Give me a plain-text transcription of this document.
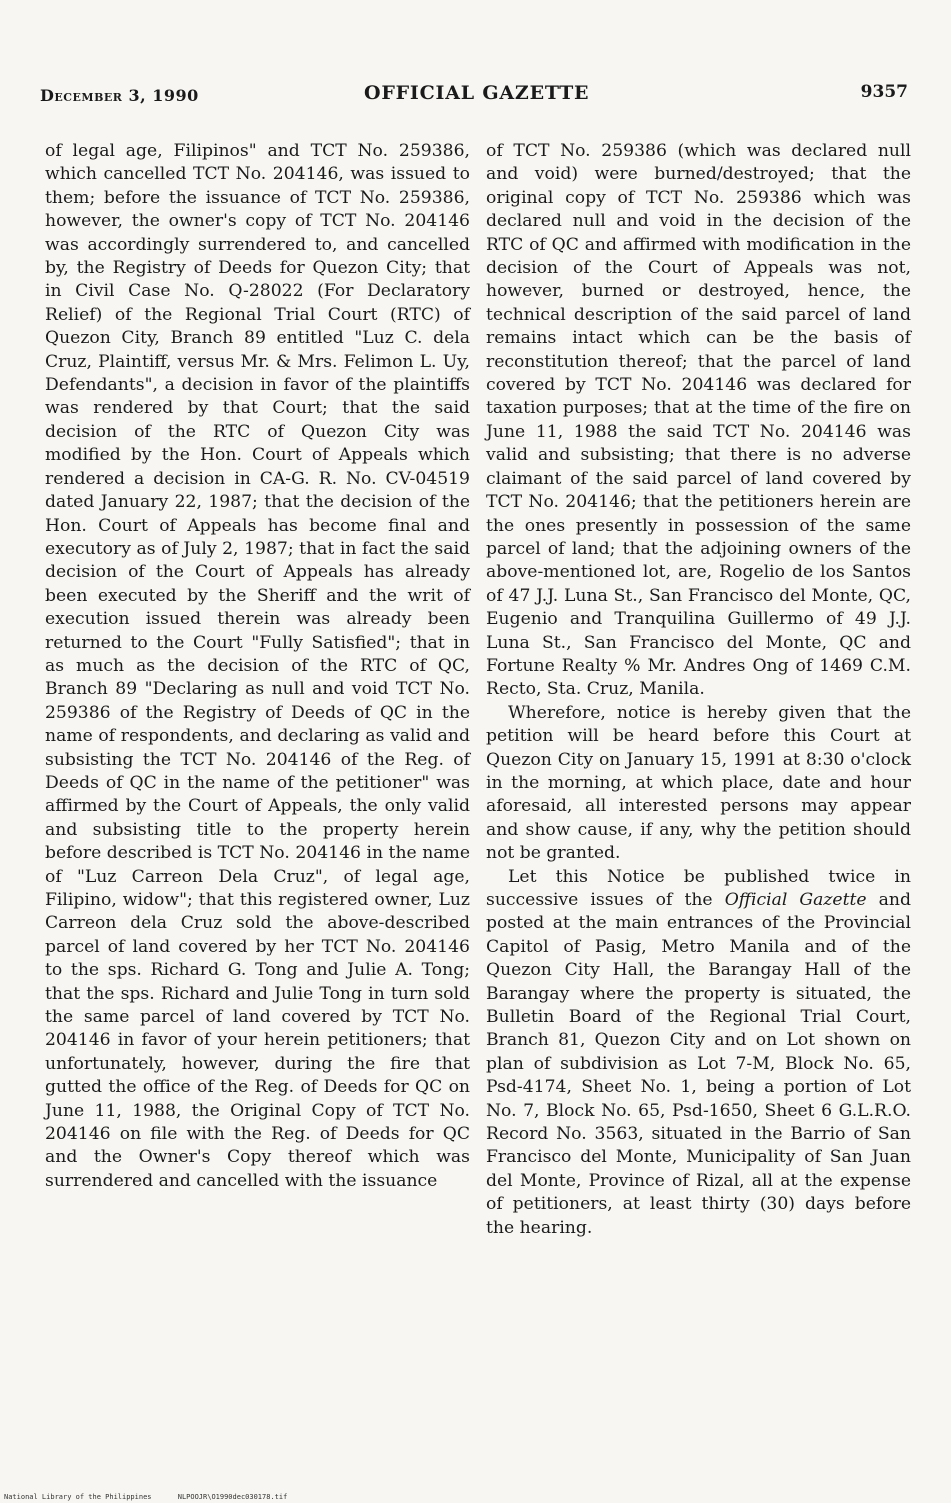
December 3, 1990	OFFICIAL GAZETTE	9357

of legal age, Filipinos" and TCT No. 259386, which cancelled TCT No. 204146, was issued to them; before the issuance of TCT No. 259386, however, the owner's copy of TCT No. 204146 was accordingly surrendered to, and cancelled by, the Registry of Deeds for Quezon City; that in Civil Case No. Q-28022 (For Declaratory Relief) of the Regional Trial Court (RTC) of Quezon City, Branch 89 entitled "Luz C. dela Cruz, Plaintiff, versus Mr. & Mrs. Felimon L. Uy, Defendants", a decision in favor of the plaintiffs was rendered by that Court; that the said decision of the RTC of Quezon City was modified by the Hon. Court of Appeals which rendered a decision in CA-G. R. No. CV-04519 dated January 22, 1987; that the decision of the Hon. Court of Appeals has become final and executory as of July 2, 1987; that in fact the said decision of the Court of Appeals has already been executed by the Sheriff and the writ of execution issued therein was already been returned to the Court "Fully Satisfied"; that in as much as the decision of the RTC of QC, Branch 89 "Declaring as null and void TCT No. 259386 of the Registry of Deeds of QC in the name of respondents, and declaring as valid and subsisting the TCT No. 204146 of the Reg. of Deeds of QC in the name of the petitioner" was affirmed by the Court of Appeals, the only valid and subsisting title to the property herein before described is TCT No. 204146 in the name of "Luz Carreon Dela Cruz", of legal age, Filipino, widow"; that this registered owner, Luz Carreon dela Cruz sold the above-described parcel of land covered by her TCT No. 204146 to the sps. Richard G. Tong and Julie A. Tong; that the sps. Richard and Julie Tong in turn sold the same parcel of land covered by TCT No. 204146 in favor of your herein petitioners; that unfortunately, however, during the fire that gutted the office of the Reg. of Deeds for QC on June 11, 1988, the Original Copy of TCT No. 204146 on file with the Reg. of Deeds for QC and the Owner's Copy thereof which was surrendered and cancelled with the issuance

of TCT No. 259386 (which was declared null and void) were burned/destroyed; that the original copy of TCT No. 259386 which was declared null and void in the decision of the RTC of QC and affirmed with modification in the decision of the Court of Appeals was not, however, burned or destroyed, hence, the technical description of the said parcel of land remains intact which can be the basis of reconstitution thereof; that the parcel of land covered by TCT No. 204146 was declared for taxation purposes; that at the time of the fire on June 11, 1988 the said TCT No. 204146 was valid and subsisting; that there is no adverse claimant of the said parcel of land covered by TCT No. 204146; that the petitioners herein are the ones presently in possession of the same parcel of land; that the adjoining owners of the above-mentioned lot, are, Rogelio de los Santos of 47 J.J. Luna St., San Francisco del Monte, QC, Eugenio and Tranquilina Guillermo of 49 J.J. Luna St., San Francisco del Monte, QC and Fortune Realty % Mr. Andres Ong of 1469 C.M. Recto, Sta. Cruz, Manila.

Wherefore, notice is hereby given that the petition will be heard before this Court at Quezon City on January 15, 1991 at 8:30 o'clock in the morning, at which place, date and hour aforesaid, all interested persons may appear and show cause, if any, why the petition should not be granted.

Let this Notice be published twice in successive issues of the Official Gazette and posted at the main entrances of the Provincial Capitol of Pasig, Metro Manila and of the Quezon City Hall, the Barangay Hall of the Barangay where the property is situated, the Bulletin Board of the Regional Trial Court, Branch 81, Quezon City and on Lot shown on plan of subdivision as Lot 7-M, Block No. 65, Psd-4174, Sheet No. 1, being a portion of Lot No. 7, Block No. 65, Psd-1650, Sheet 6 G.L.R.O. Record No. 3563, situated in the Barrio of San Francisco del Monte, Municipality of San Juan del Monte, Province of Rizal, all at the expense of petitioners, at least thirty (30) days before the hearing.

National Library of the Philippines	NLPOOJR\O1990dec030178.tif
